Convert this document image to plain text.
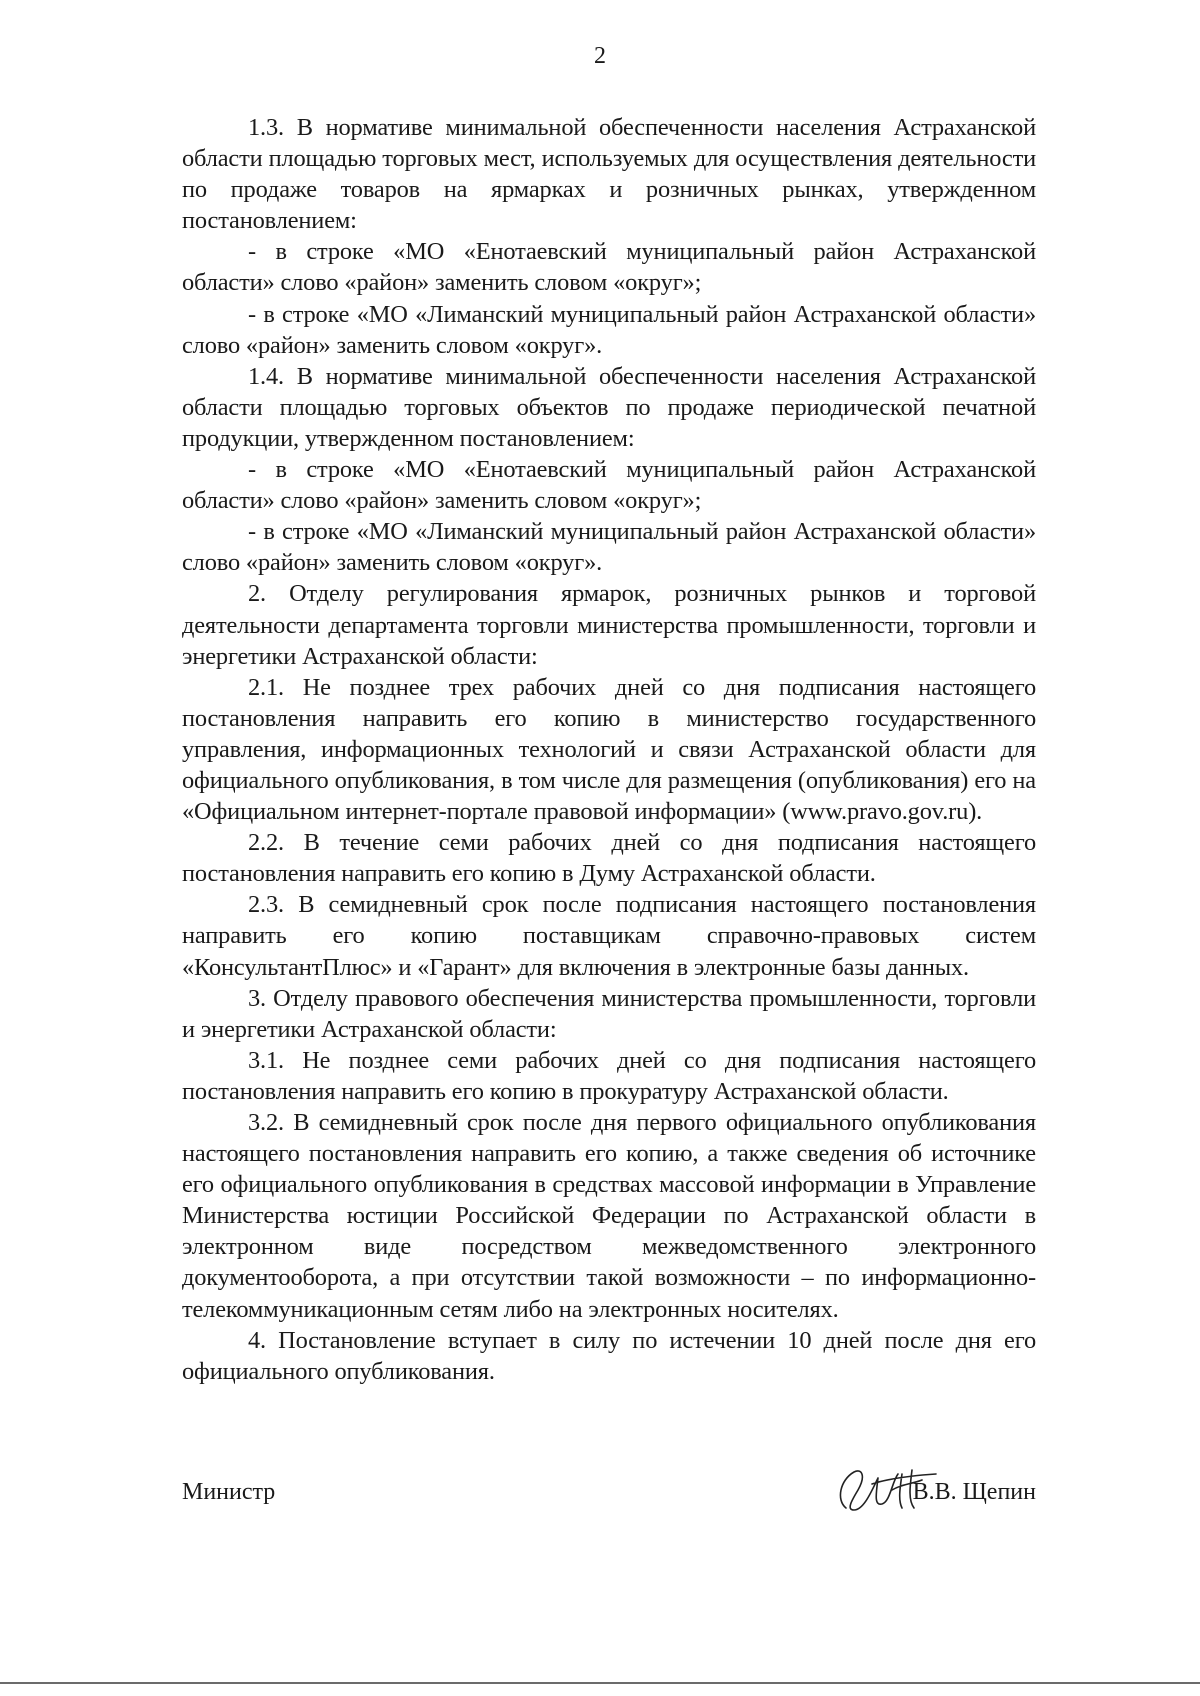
2

1.3. В нормативе минимальной обеспеченности населения Астраханской области площадью торговых мест, используемых для осуществления деятельности по продаже товаров на ярмарках и розничных рынках, утвержденном постановлением:

- в строке «МО «Енотаевский муниципальный район Астраханской области» слово «район» заменить словом «округ»;

- в строке «МО «Лиманский муниципальный район Астраханской области» слово «район» заменить словом «округ».

1.4. В нормативе минимальной обеспеченности населения Астраханской области площадью торговых объектов по продаже периодической печатной продукции, утвержденном постановлением:

- в строке «МО «Енотаевский муниципальный район Астраханской области» слово «район» заменить словом «округ»;

- в строке «МО «Лиманский муниципальный район Астраханской области» слово «район» заменить словом «округ».

2. Отделу регулирования ярмарок, розничных рынков и торговой деятельности департамента торговли министерства промышленности, торговли и энергетики Астраханской области:

2.1. Не позднее трех рабочих дней со дня подписания настоящего постановления направить его копию в министерство государственного управления, информационных технологий и связи Астраханской области для официального опубликования, в том числе для размещения (опубликования) его на «Официальном интернет-портале правовой информации» (www.pravo.gov.ru).

2.2. В течение семи рабочих дней со дня подписания настоящего постановления направить его копию в Думу Астраханской области.

2.3. В семидневный срок после подписания настоящего постановления направить его копию поставщикам справочно-правовых систем «КонсультантПлюс» и «Гарант» для включения в электронные базы данных.

3. Отделу правового обеспечения министерства промышленности, торговли и энергетики Астраханской области:

3.1. Не позднее семи рабочих дней со дня подписания настоящего постановления направить его копию в прокуратуру Астраханской области.

3.2. В семидневный срок после дня первого официального опубликования настоящего постановления направить его копию, а также сведения об источнике его официального опубликования в средствах массовой информации в Управление Министерства юстиции Российской Федерации по Астраханской области в электронном виде посредством межведомственного электронного документооборота, а при отсутствии такой возможности – по информационно-телекоммуникационным сетям либо на электронных носителях.

4. Постановление вступает в силу по истечении 10 дней после дня его официального опубликования.

Министр	В.В. Щепин
